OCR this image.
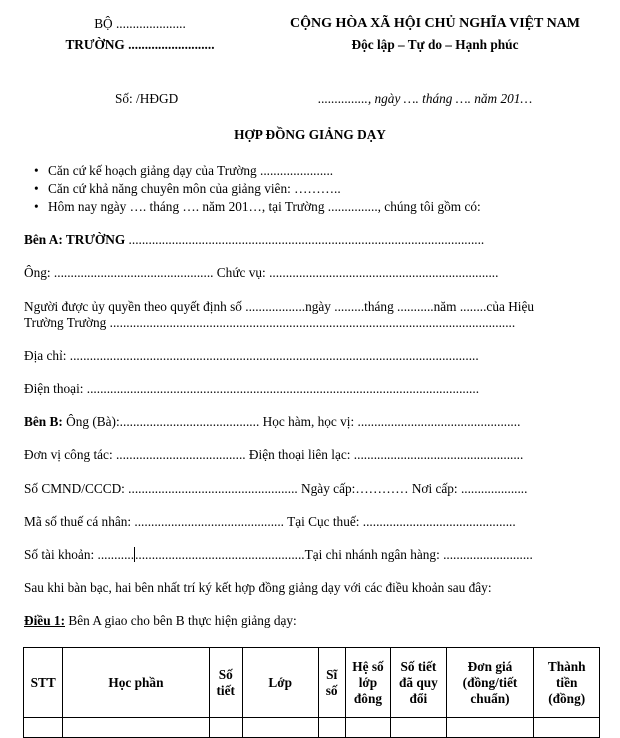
BỘ .....................
TRƯỜNG ..........................
CỘNG HÒA XÃ HỘI CHỦ NGHĨA VIỆT NAM
Độc lập – Tự do – Hạnh phúc
Số: /HĐGD	..............., ngày …. tháng …. năm 201…
HỢP ĐỒNG GIẢNG DẠY
• Căn cứ kế hoạch giảng dạy của Trường ......................
• Căn cứ khả năng chuyên môn của giảng viên: ………..
• Hôm nay ngày …. tháng …. năm 201…, tại Trường ..............., chúng tôi gồm có:
Bên A: TRƯỜNG ...........................................................................................................
Ông: ................................................ Chức vụ: .....................................................................
Người được ủy quyền theo quyết định số ..................ngày .........tháng ...........năm ........của Hiệu
Trường Trường ..........................................................................................................................
Địa chỉ: ...........................................................................................................................
Điện thoại: ......................................................................................................................
Bên B: Ông (Bà):.......................................... Học hàm, học vị: .................................................
Đơn vị công tác: ....................................... Điện thoại liên lạc: ...................................................
Số CMND/CCCD: ................................................... Ngày cấp:………… Nơi cấp: ....................
Mã số thuế cá nhân: ............................................. Tại Cục thuế: ..............................................
Số tài khoản: ..............................................................Tại chi nhánh ngân hàng: ...........................
Sau khi bàn bạc, hai bên nhất trí ký kết hợp đồng giảng dạy với các điều khoản sau đây:
Điều 1: Bên A giao cho bên B thực hiện giảng dạy:
STT	Học phần	Số tiết	Lớp	Sĩ số	Hệ số lớp đông	Số tiết đã quy đổi	Đơn giá (đồng/tiết chuẩn)	Thành tiền (đồng)
